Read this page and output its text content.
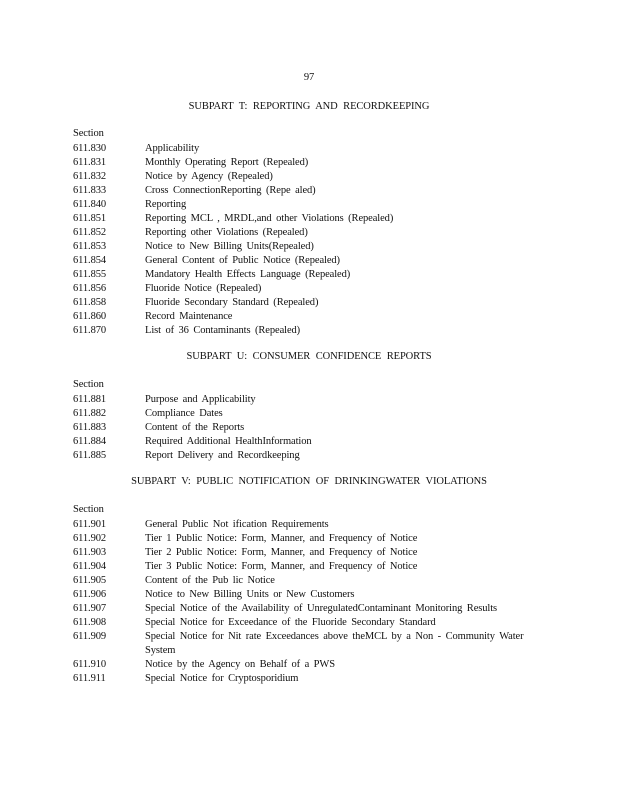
97
SUBPART T: REPORTING AND RECORDKEEPING
Section
611.830	Applicability
611.831	Monthly Operating Report (Repealed)
611.832	Notice by Agency (Repealed)
611.833	Cross ConnectionReporting (Repe aled)
611.840	Reporting
611.851	Reporting MCL , MRDL,and other Violations (Repealed)
611.852	Reporting other Violations (Repealed)
611.853	Notice to New Billing Units(Repealed)
611.854	General Content of Public Notice (Repealed)
611.855	Mandatory Health Effects Language (Repealed)
611.856	Fluoride Notice (Repealed)
611.858	Fluoride Secondary Standard (Repealed)
611.860	Record Maintenance
611.870	List of 36 Contaminants (Repealed)
SUBPART U: CONSUMER CONFIDENCE REPORTS
Section
611.881	Purpose and Applicability
611.882	Compliance Dates
611.883	Content of the Reports
611.884	Required Additional HealthInformation
611.885	Report Delivery and Recordkeeping
SUBPART V: PUBLIC NOTIFICATION OF DRINKINGWATER VIOLATIONS
Section
611.901	General Public Not ification Requirements
611.902	Tier 1 Public Notice: Form, Manner, and Frequency of Notice
611.903	Tier 2 Public Notice: Form, Manner, and Frequency of Notice
611.904	Tier 3 Public Notice: Form, Manner, and Frequency of Notice
611.905	Content of the Pub lic Notice
611.906	Notice to New Billing Units or New Customers
611.907	Special Notice of the Availability of UnregulatedContaminant Monitoring Results
611.908	Special Notice for Exceedance of the Fluoride Secondary Standard
611.909	Special Notice for Nit rate Exceedances above theMCL by a Non - Community Water System
611.910	Notice by the Agency on Behalf of a PWS
611.911	Special Notice for Cryptosporidium
